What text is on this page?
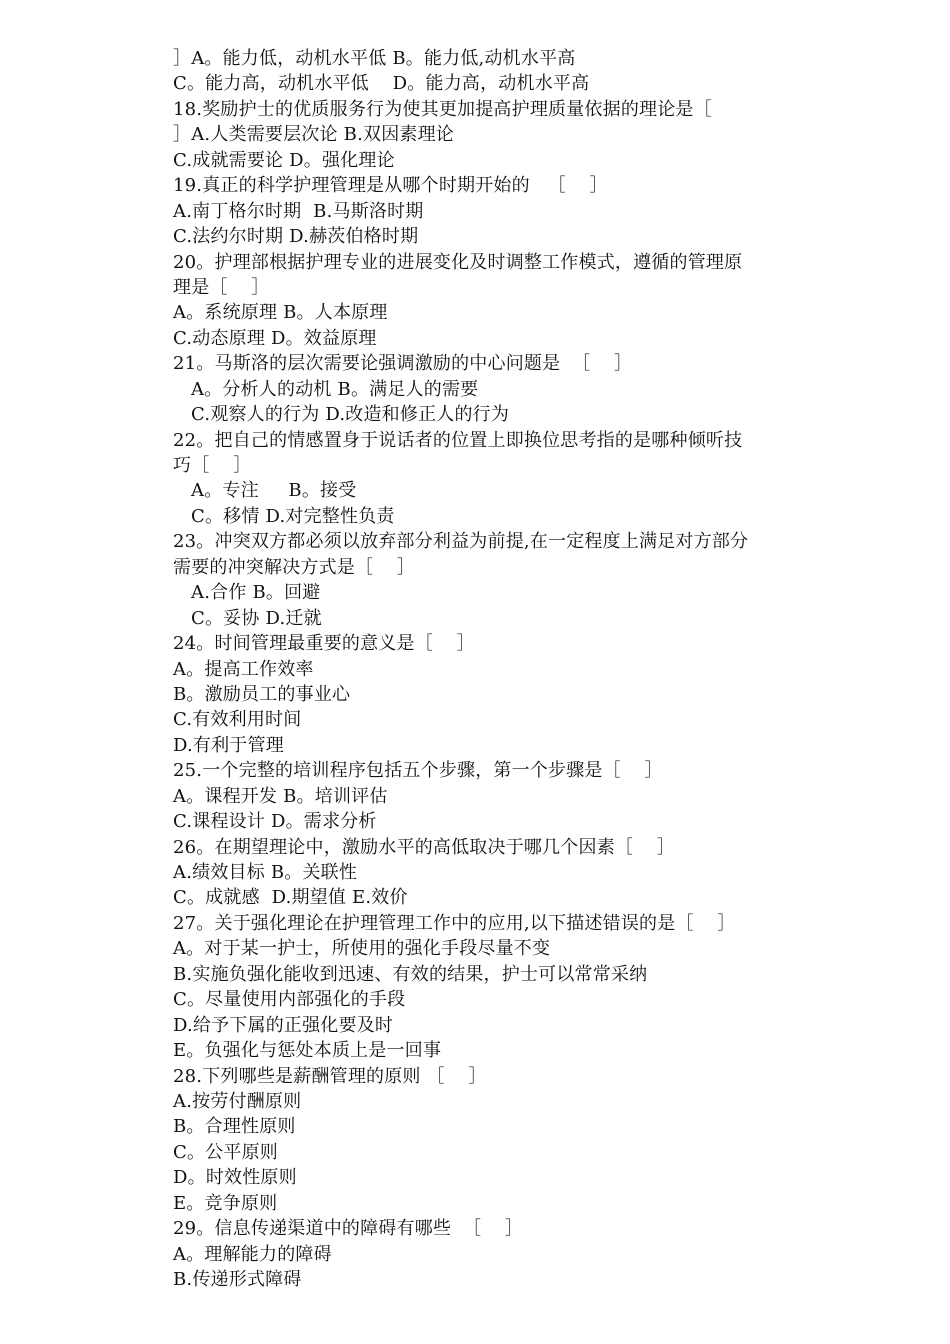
］A。能力低，动机水平低 B。能力低,动机水平高
C。能力高，动机水平低    D。能力高，动机水平高
18.奖励护士的优质服务行为使其更加提高护理质量依据的理论是［
］A.人类需要层次论 B.双因素理论
C.成就需要论 D。强化理论
19.真正的科学护理管理是从哪个时期开始的   ［    ］
A.南丁格尔时期  B.马斯洛时期
C.法约尔时期 D.赫茨伯格时期
20。护理部根据护理专业的进展变化及时调整工作模式，遵循的管理原
理是［    ］
A。系统原理 B。人本原理
C.动态原理 D。效益原理
21。马斯洛的层次需要论强调激励的中心问题是  ［    ］
A。分析人的动机 B。满足人的需要
C.观察人的行为 D.改造和修正人的行为
22。把自己的情感置身于说话者的位置上即换位思考指的是哪种倾听技
巧［    ］
A。专注     B。接受
C。移情 D.对完整性负责
23。冲突双方都必须以放弃部分利益为前提,在一定程度上满足对方部分
需要的冲突解决方式是［    ］
A.合作 B。回避
C。妥协 D.迁就
24。时间管理最重要的意义是［    ］
A。提高工作效率
B。激励员工的事业心
C.有效利用时间
D.有利于管理
25.一个完整的培训程序包括五个步骤，第一个步骤是［    ］
A。课程开发 B。培训评估
C.课程设计 D。需求分析
26。在期望理论中，激励水平的高低取决于哪几个因素［    ］
A.绩效目标 B。关联性
C。成就感  D.期望值 E.效价
27。关于强化理论在护理管理工作中的应用,以下描述错误的是［    ］
A。对于某一护士，所使用的强化手段尽量不变
B.实施负强化能收到迅速、有效的结果，护士可以常常采纳
C。尽量使用内部强化的手段
D.给予下属的正强化要及时
E。负强化与惩处本质上是一回事
28.下列哪些是薪酬管理的原则 ［    ］
A.按劳付酬原则
B。合理性原则
C。公平原则
D。时效性原则
E。竞争原则
29。信息传递渠道中的障碍有哪些  ［    ］
A。理解能力的障碍
B.传递形式障碍
